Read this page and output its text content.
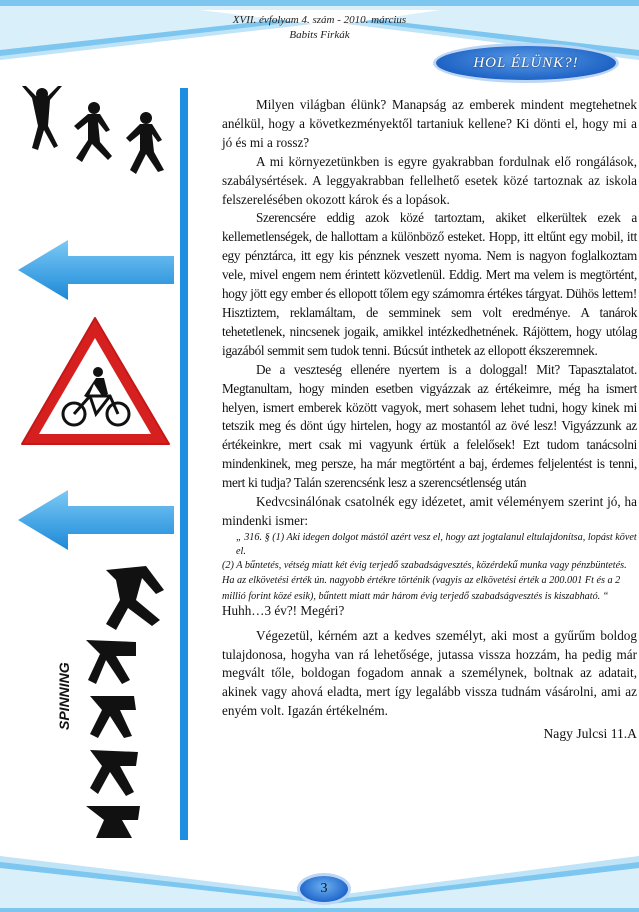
XVII. évfolyam 4. szám - 2010. március
Babits Firkák
HOL ÉLÜNK?!
SPINNING

Milyen világban élünk? Manapság az emberek mindent megtehetnek anélkül, hogy a következményektől tartaniuk kellene? Ki dönti el, hogy mi a jó és mi a rossz?

A mi környezetünkben is egyre gyakrabban fordulnak elő rongálások, szabálysértések. A leggyakrabban fellelhető esetek közé tartoznak az iskola felszerelésében okozott károk és a lopások.

Szerencsére eddig azok közé tartoztam, akiket elkerültek ezek a kellemetlenségek, de hallottam a különböző esteket. Hopp, itt eltűnt egy mobil, itt egy pénztárca, itt egy kis pénznek veszett nyoma. Nem is nagyon foglalkoztam vele, mivel engem nem érintett közvetlenül. Eddig. Mert ma velem is megtörtént, hogy jött egy ember és ellopott tőlem egy számomra értékes tárgyat. Dühös lettem! Hisztiztem, reklamáltam, de semminek sem volt eredménye. A tanárok tehetetlenek, nincsenek jogaik, amikkel intézkedhetnének. Rájöttem, hogy utólag igazából semmit sem tudok tenni. Búcsút inthetek az ellopott ékszeremnek.

De a veszteség ellenére nyertem is a dologgal! Mit? Tapasztalatot. Megtanultam, hogy minden esetben vigyázzak az értékeimre, még ha ismert helyen, ismert emberek között vagyok, mert sohasem lehet tudni, hogy kinek mi tetszik meg és dönt úgy hirtelen, hogy az mostantól az övé lesz! Vigyázzunk az értékeinkre, mert csak mi vagyunk értük a felelősek! Ezt tudom tanácsolni mindenkinek, meg persze, ha már megtörtént a baj, érdemes feljelentést is tenni, mert ki tudja? Talán szerencsénk lesz a szerencsétlenség után

Kedvcsinálónak csatolnék egy idézetet, amit véleményem szerint jó, ha mindenki ismer:

„ 316. § (1) Aki idegen dolgot mástól azért vesz el, hogy azt jogtalanul eltulajdonítsa, lopást követ el.
(2) A bűntetés, vétség miatt két évig terjedő szabadságvesztés, közérdekű munka vagy pénzbüntetés.
Ha az elkövetési érték ún. nagyobb értékre történik (vagyis az elkövetési érték a 200.001 Ft és a 2 millió forint közé esik), bűntett miatt már három évig terjedő szabadságvesztés is kiszabható. “ Huhh…3 év?! Megéri?

Végezetül, kérném azt a kedves személyt, aki most a gyűrűm boldog tulajdonosa, hogyha van rá lehetősége, jutassa vissza hozzám, ha pedig már megvált tőle, boldogan fogadom annak a személynek, boltnak az adatait, akinek vagy ahová eladta, mert így legalább vissza tudnám vásárolni, ami az enyém volt. Igazán értékelném.

Nagy Julcsi 11.A
3
